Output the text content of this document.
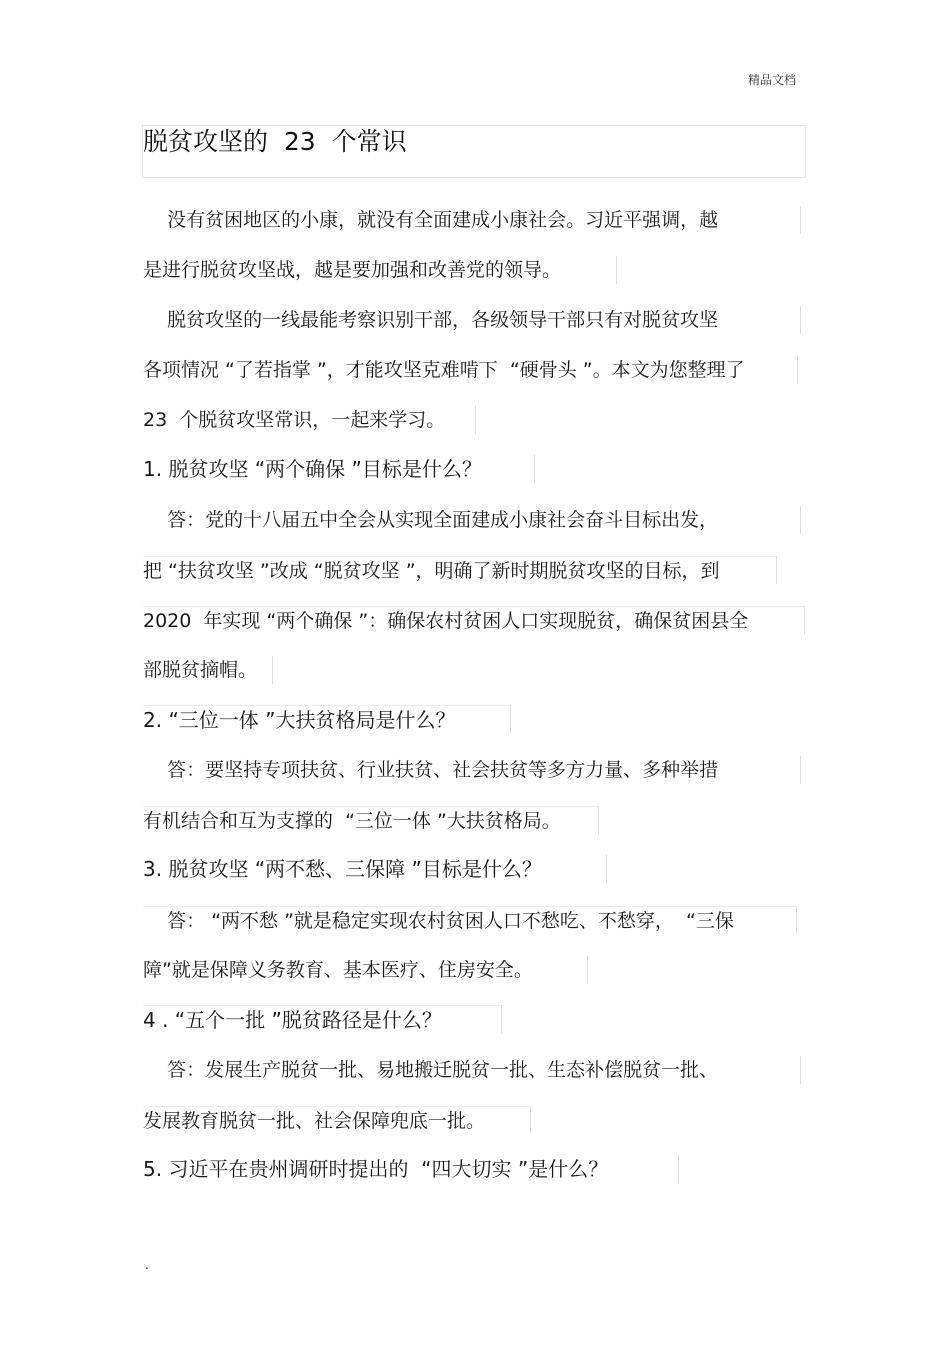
精品文档
脱贫攻坚的  23  个常识
没有贫困地区的小康，就没有全面建成小康社会。习近平强调，越
是进行脱贫攻坚战，越是要加强和改善党的领导。
脱贫攻坚的一线最能考察识别干部，各级领导干部只有对脱贫攻坚
各项情况 “了若指掌 ”，才能攻坚克难啃下  “硬骨头 ”。本文为您整理了
23  个脱贫攻坚常识，一起来学习。
1. 脱贫攻坚 “两个确保 ”目标是什么？
答：党的十八届五中全会从实现全面建成小康社会奋斗目标出发，
把 “扶贫攻坚 ”改成 “脱贫攻坚 ”，明确了新时期脱贫攻坚的目标，到
2020  年实现 “两个确保 ”：确保农村贫困人口实现脱贫，确保贫困县全
部脱贫摘帽。
2. “三位一体 ”大扶贫格局是什么？
答：要坚持专项扶贫、行业扶贫、社会扶贫等多方力量、多种举措
有机结合和互为支撑的  “三位一体 ”大扶贫格局。
3. 脱贫攻坚 “两不愁、三保障 ”目标是什么？
答： “两不愁 ”就是稳定实现农村贫困人口不愁吃、不愁穿，  “三保
障”就是保障义务教育、基本医疗、住房安全。
4 . “五个一批 ”脱贫路径是什么？
答：发展生产脱贫一批、易地搬迁脱贫一批、生态补偿脱贫一批、
发展教育脱贫一批、社会保障兜底一批。
5. 习近平在贵州调研时提出的  “四大切实 ”是什么？
.
